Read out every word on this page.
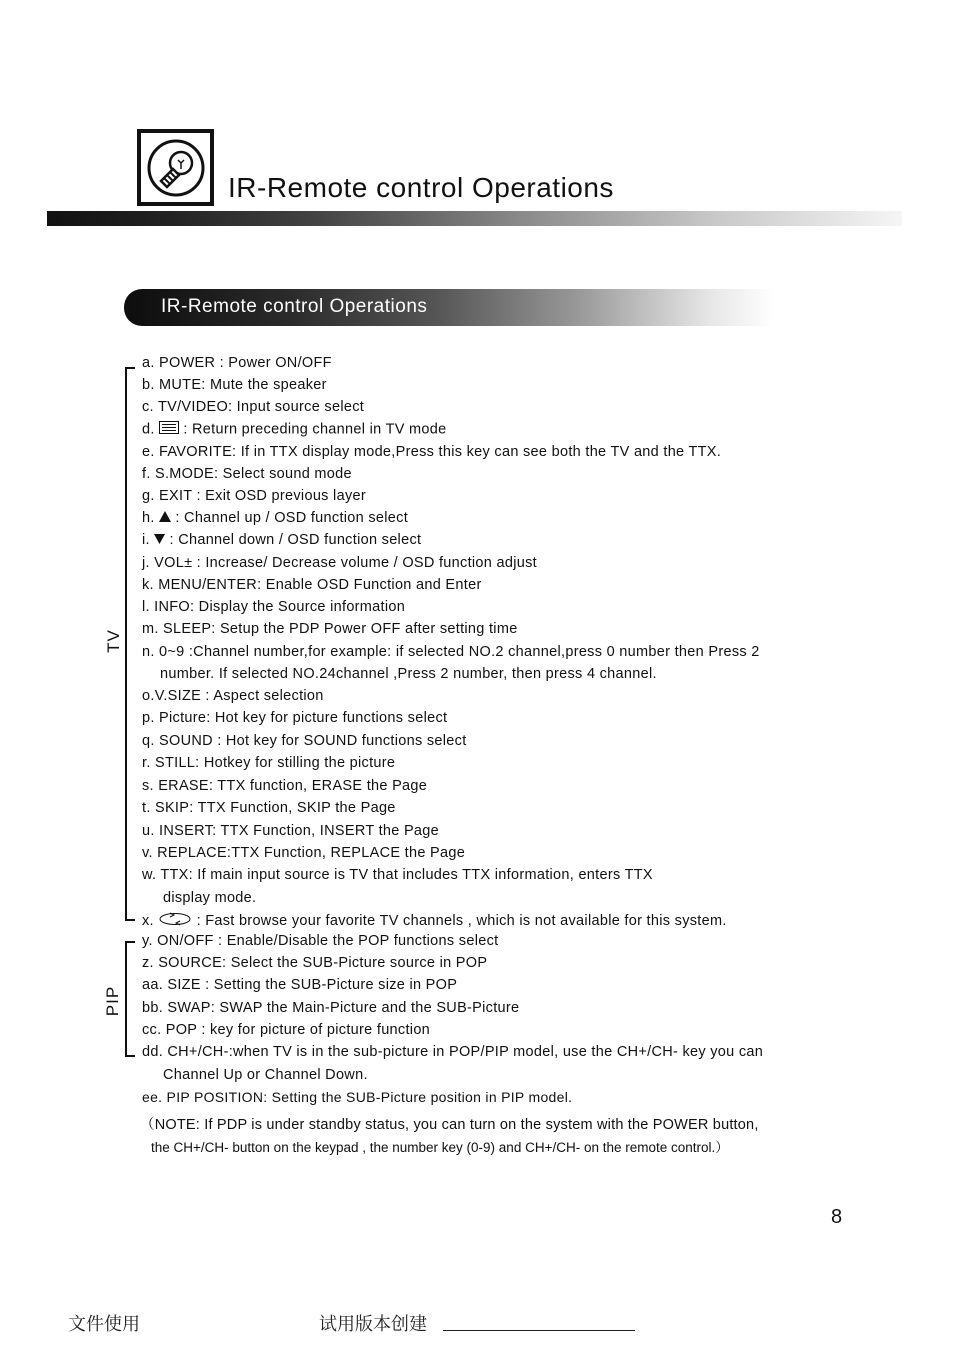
IR-Remote control Operations
IR-Remote control Operations
TV
PIP
a. POWER : Power ON/OFF
b. MUTE: Mute the speaker
c. TV/VIDEO: Input source select
d.  : Return preceding channel in TV mode
e. FAVORITE: If in TTX display mode,Press this key can see both the TV and the TTX.
f. S.MODE: Select sound mode
g. EXIT : Exit OSD previous layer
h.  : Channel up / OSD function select
i.  : Channel down / OSD function select
j. VOL± : Increase/ Decrease volume / OSD function adjust
k. MENU/ENTER: Enable OSD Function and Enter
l. INFO: Display the Source information
m. SLEEP: Setup the PDP Power OFF after setting time
n. 0~9 :Channel number,for example: if selected NO.2 channel,press 0 number then Press 2
number. If selected NO.24channel ,Press 2 number, then press 4 channel.
o.V.SIZE : Aspect selection
p. Picture: Hot key for picture functions select
q. SOUND : Hot key for SOUND functions select
r. STILL: Hotkey for stilling the picture
s. ERASE: TTX function, ERASE the Page
t. SKIP: TTX Function, SKIP the Page
u. INSERT: TTX Function, INSERT the Page
v. REPLACE:TTX Function, REPLACE the Page
w. TTX: If main input source is TV that includes TTX information, enters TTX
display mode.
x.	: Fast browse your favorite TV channels , which is not available for this system.
y. ON/OFF : Enable/Disable the POP functions select
z. SOURCE: Select the SUB-Picture source in POP
aa. SIZE : Setting the SUB-Picture size in POP
bb. SWAP: SWAP the Main-Picture and the SUB-Picture
cc. POP : key for picture of picture function
dd. CH+/CH-:when TV is in the sub-picture in POP/PIP model, use the CH+/CH- key you can
Channel Up or Channel Down.
ee. PIP POSITION: Setting the SUB-Picture position in PIP model.
（NOTE: If PDP is under standby status, you can turn on the system with the POWER button,
the CH+/CH- button on the keypad , the number key (0-9) and CH+/CH- on the remote control.）
8
文件使用	试用版本创建
